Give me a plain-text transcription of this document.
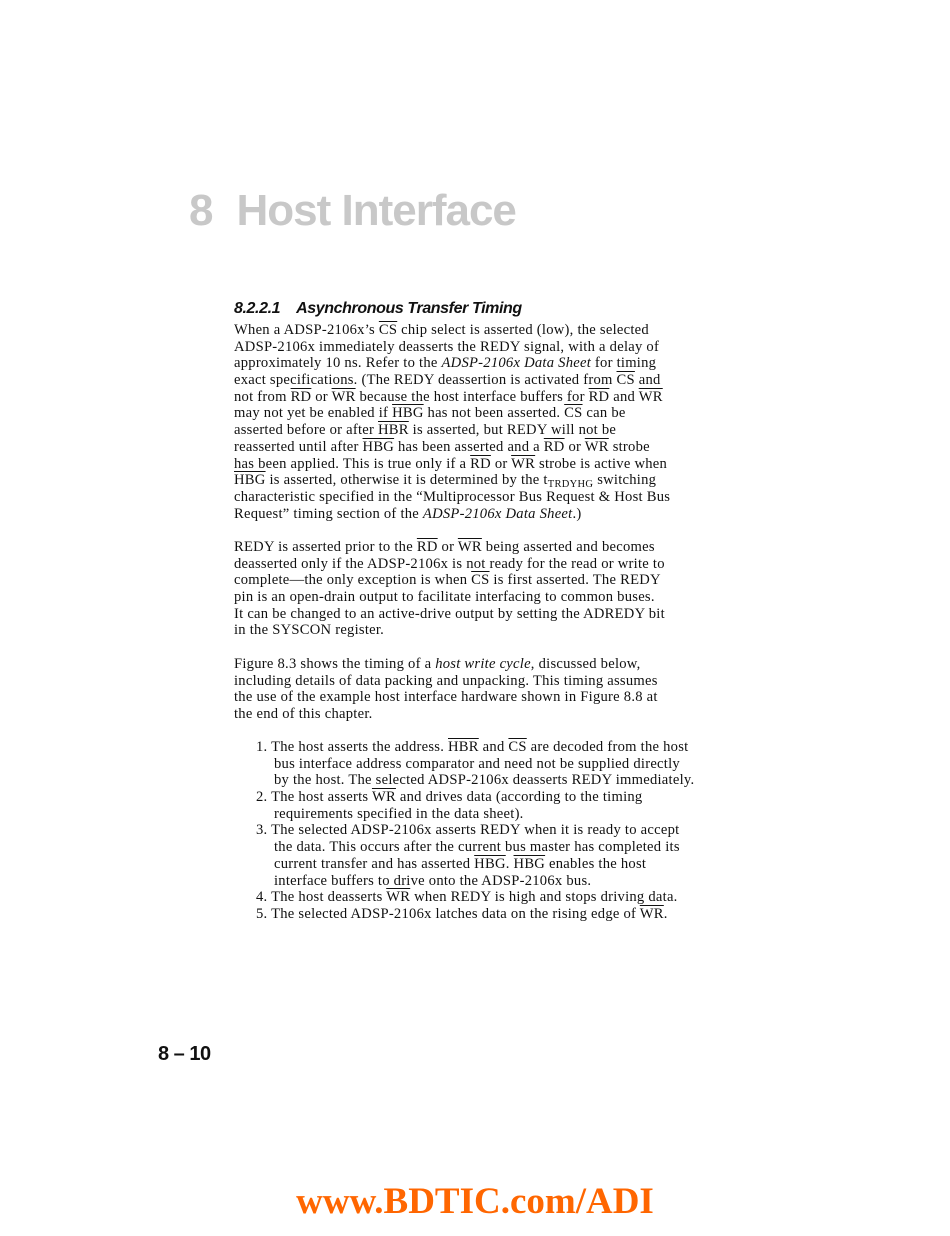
8 Host Interface
8.2.2.1 Asynchronous Transfer Timing
When a ADSP-2106x’s $\overline{CS}$ chip select is asserted (low), the selected
ADSP-2106x immediately deasserts the REDY signal, with a delay of
approximately 10 ns. Refer to the ADSP-2106x Data Sheet for timing
exact specifications. (The REDY deassertion is activated from $\overline{CS}$ and
not from $\overline{RD}$ or $\overline{WR}$ because the host interface buffers for $\overline{RD}$ and $\overline{WR}$
may not yet be enabled if $\overline{HBG}$ has not been asserted. $\overline{CS}$ can be
asserted before or after $\overline{HBR}$ is asserted, but REDY will not be
reasserted until after $\overline{HBG}$ has been asserted and a $\overline{RD}$ or $\overline{WR}$ strobe
has been applied. This is true only if a $\overline{RD}$ or $\overline{WR}$ strobe is active when
$\overline{HBG}$ is asserted, otherwise it is determined by the $t_{TRDYHG}$ switching
characteristic specified in the “Multiprocessor Bus Request & Host Bus
Request” timing section of the ADSP-2106x Data Sheet.)
REDY is asserted prior to the $\overline{RD}$ or $\overline{WR}$ being asserted and becomes
deasserted only if the ADSP-2106x is not ready for the read or write to
complete—the only exception is when $\overline{CS}$ is first asserted. The REDY
pin is an open-drain output to facilitate interfacing to common buses.
It can be changed to an active-drive output by setting the ADREDY bit
in the SYSCON register.
Figure 8.3 shows the timing of a host write cycle, discussed below,
including details of data packing and unpacking. This timing assumes
the use of the example host interface hardware shown in Figure 8.8 at
the end of this chapter.
1. The host asserts the address. $\overline{HBR}$ and $\overline{CS}$ are decoded from the host
bus interface address comparator and need not be supplied directly
by the host. The selected ADSP-2106x deasserts REDY immediately.
2. The host asserts $\overline{WR}$ and drives data (according to the timing
requirements specified in the data sheet).
3. The selected ADSP-2106x asserts REDY when it is ready to accept
the data. This occurs after the current bus master has completed its
current transfer and has asserted $\overline{HBG}$. $\overline{HBG}$ enables the host
interface buffers to drive onto the ADSP-2106x bus.
4. The host deasserts $\overline{WR}$ when REDY is high and stops driving data.
5. The selected ADSP-2106x latches data on the rising edge of $\overline{WR}$.
8 – 10
www.BDTIC.com/ADI
